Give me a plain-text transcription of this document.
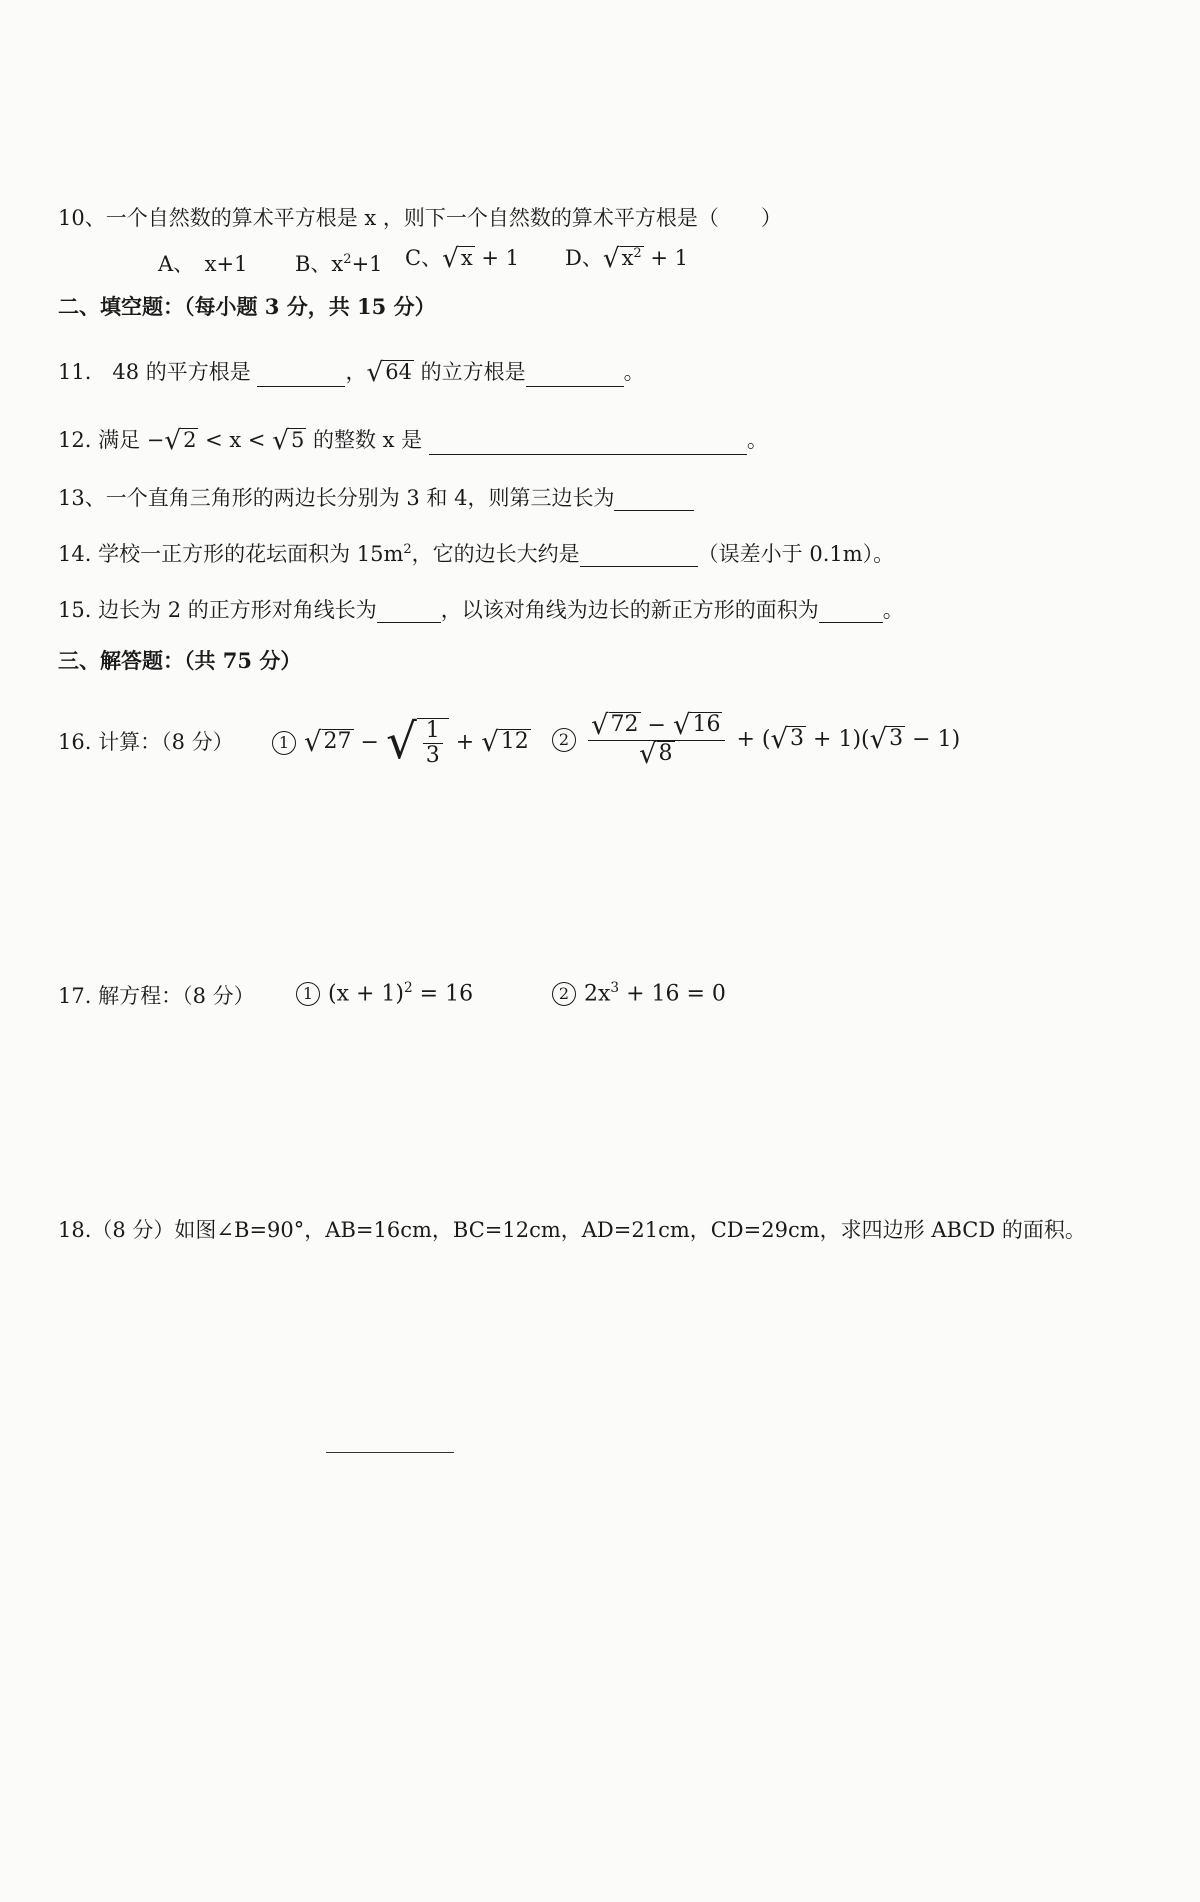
10、一个自然数的算术平方根是 x ，则下一个自然数的算术平方根是（　　）
A、　x+1 B、$x^2+1$ C、 √ x + 1 D、 √ $x^2 + 1$
二、填空题：（每小题 3 分，共 15 分）
11.　48 的平方根是	， √ 64 的立方根是	。
12. 满足 − √ 2 < x < √ 5 的整数 x 是	。
13、一个直角三角形的两边长分别为 3 和 4，则第三边长为
14. 学校一正方形的花坛面积为 $15m^2$，它的边长大约是	（误差小于 0.1m）。
15. 边长为 2 的正方形对角线长为	，以该对角线为边长的新正方形的面积为	。
三、解答题：（共 75 分）
16. 计算：（8 分）	1 √ 27 − √ $\frac{1}{3}$ + √ 12	$2 \frac{√ 72 - √ 16}{√ 8}$ + ( √ 3 + 1)( √ 3 − 1)
17. 解方程：（8 分）	1 $(x + 1)^2 = 16$	2 $2x^3 + 16 = 0$
18.（8 分）如图∠B=90°，AB=16cm，BC=12cm，AD=21cm，CD=29cm，求四边形 ABCD 的面积。
